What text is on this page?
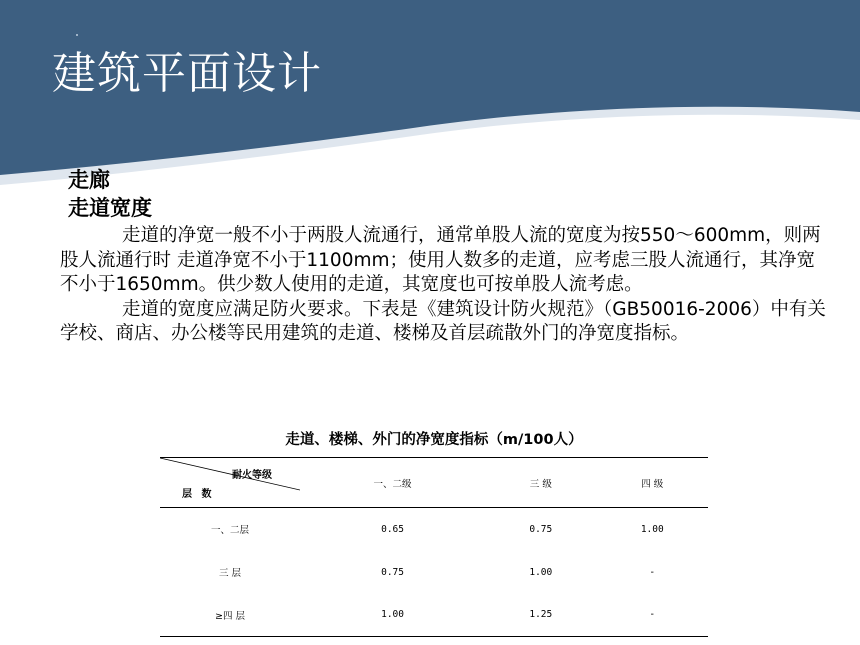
建筑平面设计
走廊
走道宽度

走道的净宽一般不小于两股人流通行，通常单股人流的宽度为按550～600mm，则两股人流通行时 走道净宽不小于1100mm；使用人数多的走道，应考虑三股人流通行，其净宽不小于1650mm。供少数人使用的走道，其宽度也可按单股人流考虑。

走道的宽度应满足防火要求。下表是《建筑设计防火规范》（GB50016-2006）中有关学校、商店、办公楼等民用建筑的走道、楼梯及首层疏散外门的净宽度指标。

走道、楼梯、外门的净宽度指标（m/100人）
耐火等级
层 数	一、二级	三 级	四 级
一、二层	0.65	0.75	1.00
三 层	0.75	1.00	-
≥四 层	1.00	1.25	-
